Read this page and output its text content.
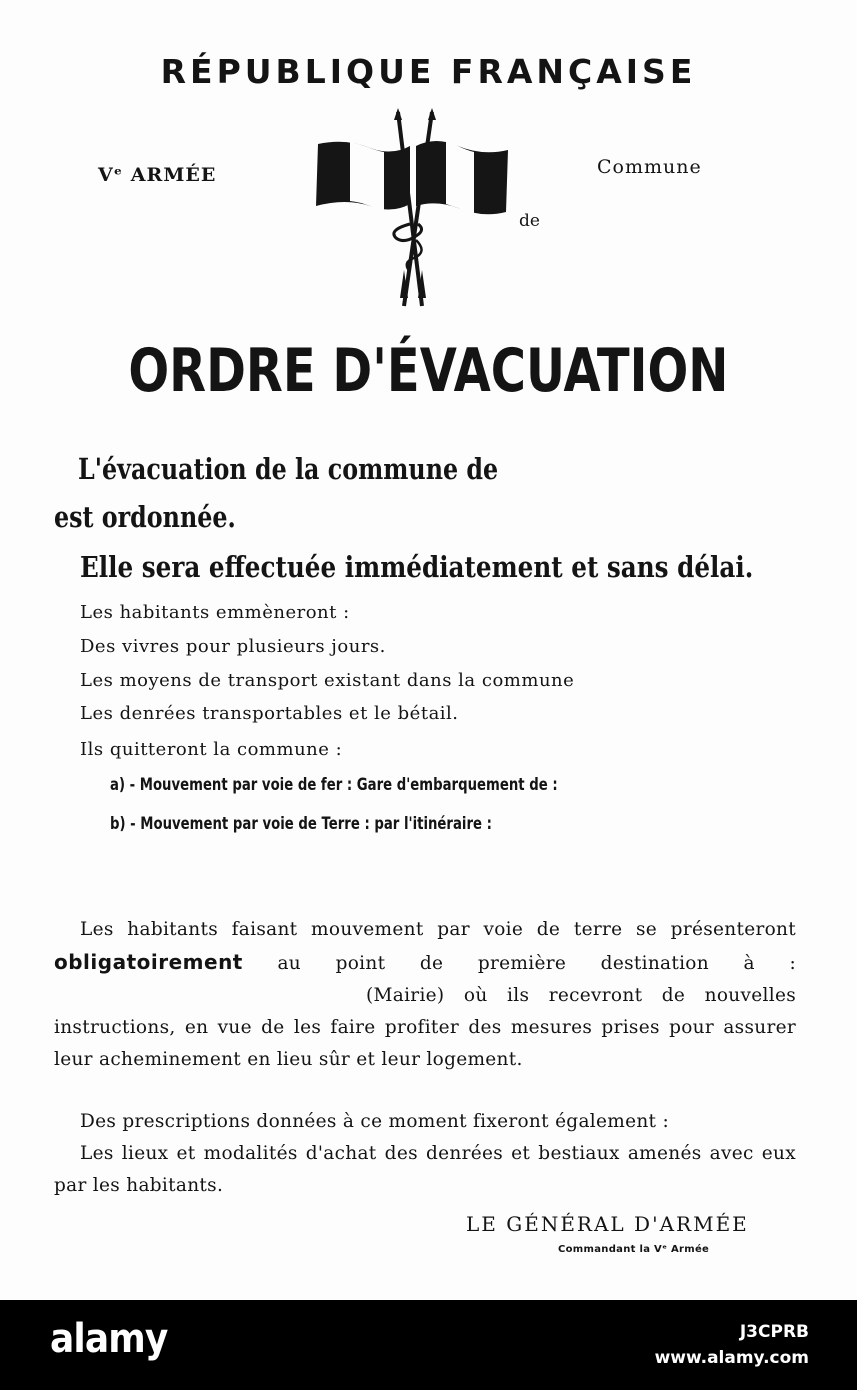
RÉPUBLIQUE FRANÇAISE

Vᵉ ARMÉE	Commune

de

ORDRE D'ÉVACUATION

L'évacuation de la commune de

est ordonnée.

Elle sera effectuée immédiatement et sans délai.

Les habitants emmèneront :

Des vivres pour plusieurs jours.

Les moyens de transport existant dans la commune

Les denrées transportables et le bétail.

Ils quitteront la commune :

a) - Mouvement par voie de fer : Gare d'embarquement de :

b) - Mouvement par voie de Terre : par l'itinéraire :

Les habitants faisant mouvement par voie de terre se présenteront obligatoirement au point de première destination à :(Mairie) où ils recevront de nouvelles instructions, en vue de les faire profiter des mesures prises pour assurer leur acheminement en lieu sûr et leur logement.

Des prescriptions données à ce moment fixeront également :

Les lieux et modalités d'achat des denrées et bestiaux amenés avec eux par les habitants.

LE GÉNÉRAL D'ARMÉE

Commandant la Vᵉ Armée

alamy	J3CPRB
www.alamy.com
